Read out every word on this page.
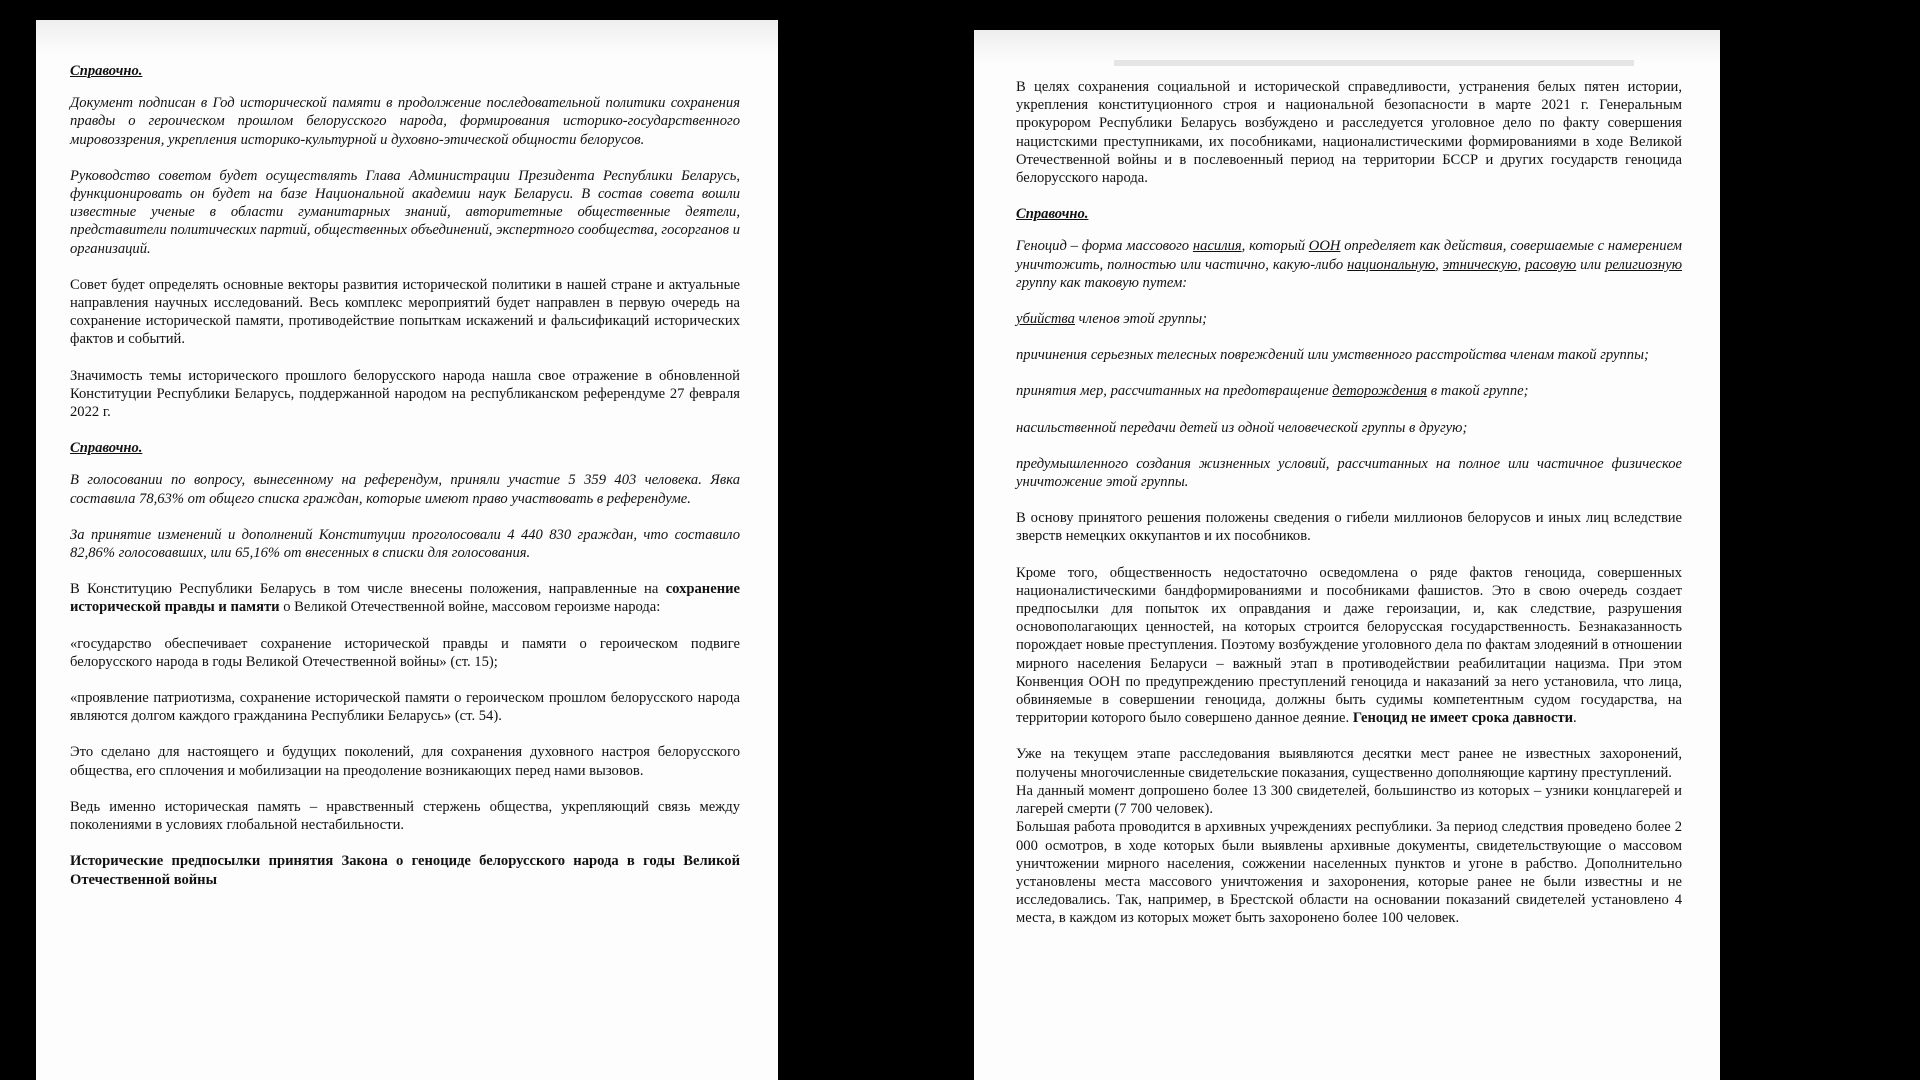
Справочно.

Документ подписан в Год исторической памяти в продолжение последовательной политики сохранения правды о героическом прошлом белорусского народа, формирования историко-государственного мировоззрения, укрепления историко-культурной и духовно-этической общности белорусов.

Руководство советом будет осуществлять Глава Администрации Президента Республики Беларусь, функционировать он будет на базе Национальной академии наук Беларуси. В состав совета вошли известные ученые в области гуманитарных знаний, авторитетные общественные деятели, представители политических партий, общественных объединений, экспертного сообщества, госорганов и организаций.

Совет будет определять основные векторы развития исторической политики в нашей стране и актуальные направления научных исследований. Весь комплекс мероприятий будет направлен в первую очередь на сохранение исторической памяти, противодействие попыткам искажений и фальсификаций исторических фактов и событий.

Значимость темы исторического прошлого белорусского народа нашла свое отражение в обновленной Конституции Республики Беларусь, поддержанной народом на республиканском референдуме 27 февраля 2022 г.

Справочно.

В голосовании по вопросу, вынесенному на референдум, приняли участие 5 359 403 человека. Явка составила 78,63% от общего списка граждан, которые имеют право участвовать в референдуме.

За принятие изменений и дополнений Конституции проголосовали 4 440 830 граждан, что составило 82,86% голосовавших, или 65,16% от внесенных в списки для голосования.

В Конституцию Республики Беларусь в том числе внесены положения, направленные на сохранение исторической правды и памяти о Великой Отечественной войне, массовом героизме народа:

«государство обеспечивает сохранение исторической правды и памяти о героическом подвиге белорусского народа в годы Великой Отечественной войны» (ст. 15);

«проявление патриотизма, сохранение исторической памяти о героическом прошлом белорусского народа являются долгом каждого гражданина Республики Беларусь» (ст. 54).

Это сделано для настоящего и будущих поколений, для сохранения духовного настроя белорусского общества, его сплочения и мобилизации на преодоление возникающих перед нами вызовов.

Ведь именно историческая память – нравственный стержень общества, укрепляющий связь между поколениями в условиях глобальной нестабильности.

Исторические предпосылки принятия Закона о геноциде белорусского народа в годы Великой Отечественной войны

В целях сохранения социальной и исторической справедливости, устранения белых пятен истории, укрепления конституционного строя и национальной безопасности в марте 2021 г. Генеральным прокурором Республики Беларусь возбуждено и расследуется уголовное дело по факту совершения нацистскими преступниками, их пособниками, националистическими формированиями в ходе Великой Отечественной войны и в послевоенный период на территории БССР и других государств геноцида белорусского народа.

Справочно.

Геноцид – форма массового насилия, который ООН определяет как действия, совершаемые с намерением уничтожить, полностью или частично, какую-либо национальную, этническую, расовую или религиозную группу как таковую путем:

убийства членов этой группы;

причинения серьезных телесных повреждений или умственного расстройства членам такой группы;

принятия мер, рассчитанных на предотвращение деторождения в такой группе;

насильственной передачи детей из одной человеческой группы в другую;

предумышленного создания жизненных условий, рассчитанных на полное или частичное физическое уничтожение этой группы.

В основу принятого решения положены сведения о гибели миллионов белорусов и иных лиц вследствие зверств немецких оккупантов и их пособников.

Кроме того, общественность недостаточно осведомлена о ряде фактов геноцида, совершенных националистическими бандформированиями и пособниками фашистов. Это в свою очередь создает предпосылки для попыток их оправдания и даже героизации, и, как следствие, разрушения основополагающих ценностей, на которых строится белорусская государственность. Безнаказанность порождает новые преступления. Поэтому возбуждение уголовного дела по фактам злодеяний в отношении мирного населения Беларуси – важный этап в противодействии реабилитации нацизма. При этом Конвенция ООН по предупреждению преступлений геноцида и наказаний за него установила, что лица, обвиняемые в совершении геноцида, должны быть судимы компетентным судом государства, на территории которого было совершено данное деяние. Геноцид не имеет срока давности.

Уже на текущем этапе расследования выявляются десятки мест ранее не известных захоронений, получены многочисленные свидетельские показания, существенно дополняющие картину преступлений.

На данный момент допрошено более 13 300 свидетелей, большинство из которых – узники концлагерей и лагерей смерти (7 700 человек).

Большая работа проводится в архивных учреждениях республики. За период следствия проведено более 2 000 осмотров, в ходе которых были выявлены архивные документы, свидетельствующие о массовом уничтожении мирного населения, сожжении населенных пунктов и угоне в рабство. Дополнительно установлены места массового уничтожения и захоронения, которые ранее не были известны и не исследовались. Так, например, в Брестской области на основании показаний свидетелей установлено 4 места, в каждом из которых может быть захоронено более 100 человек.
